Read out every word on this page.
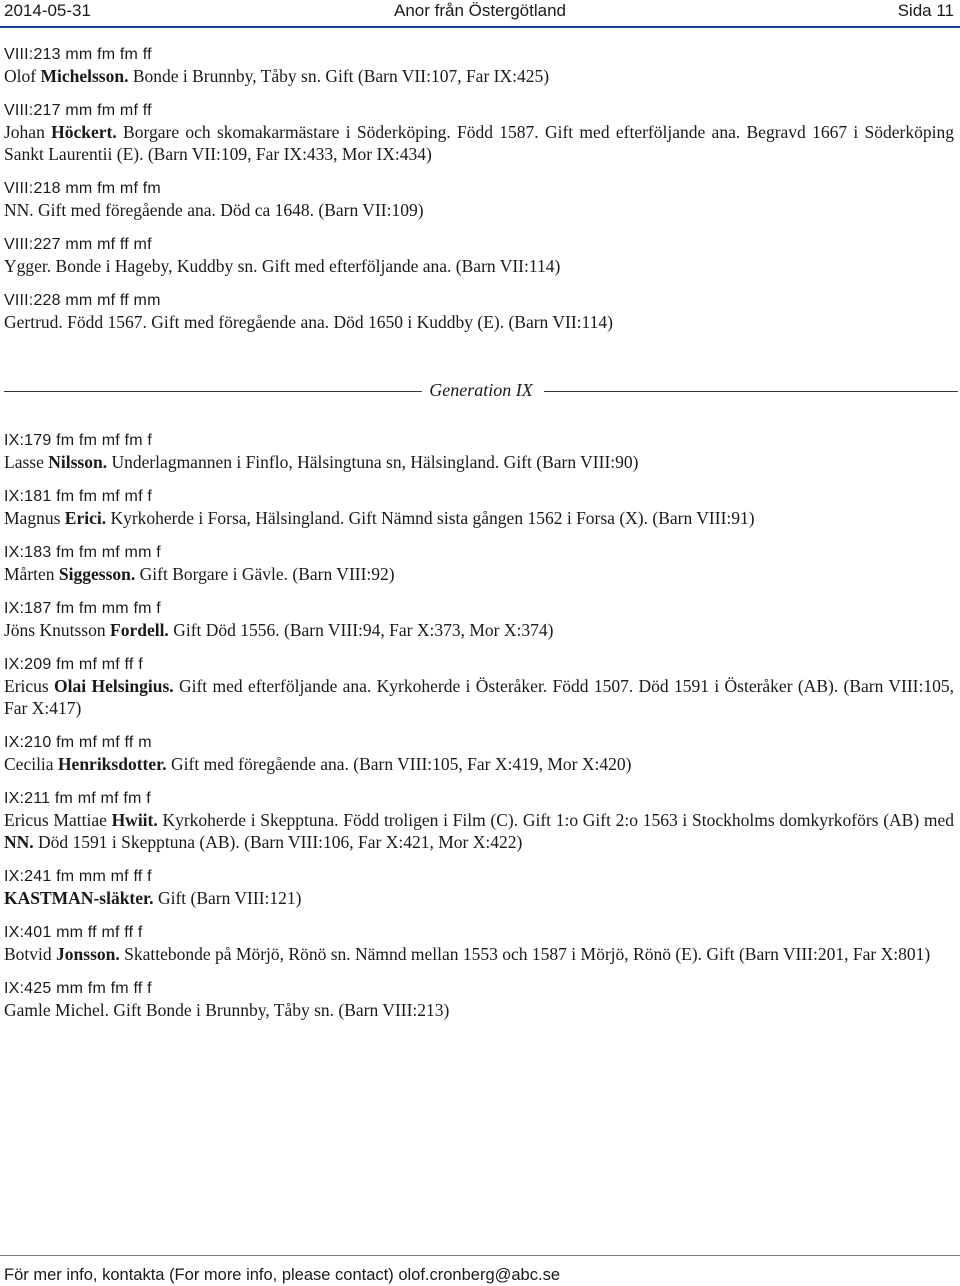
2014-05-31	Anor från Östergötland	Sida 11
VIII:213 mm fm fm ff
Olof Michelsson. Bonde i Brunnby, Tåby sn. Gift (Barn VII:107, Far IX:425)
VIII:217 mm fm mf ff
Johan Höckert. Borgare och skomakarmästare i Söderköping. Född 1587. Gift med efterföljande ana. Begravd 1667 i Söderköping Sankt Laurentii (E). (Barn VII:109, Far IX:433, Mor IX:434)
VIII:218 mm fm mf fm
NN. Gift med föregående ana. Död ca 1648. (Barn VII:109)
VIII:227 mm mf ff mf
Ygger. Bonde i Hageby, Kuddby sn. Gift med efterföljande ana. (Barn VII:114)
VIII:228 mm mf ff mm
Gertrud. Född 1567. Gift med föregående ana. Död 1650 i Kuddby (E). (Barn VII:114)
Generation IX
IX:179 fm fm mf fm f
Lasse Nilsson. Underlagmannen i Finflo, Hälsingtuna sn, Hälsingland. Gift (Barn VIII:90)
IX:181 fm fm mf mf f
Magnus Erici. Kyrkoherde i Forsa, Hälsingland. Gift Nämnd sista gången 1562 i Forsa (X). (Barn VIII:91)
IX:183 fm fm mf mm f
Mårten Siggesson. Gift Borgare i Gävle. (Barn VIII:92)
IX:187 fm fm mm fm f
Jöns Knutsson Fordell. Gift Död 1556. (Barn VIII:94, Far X:373, Mor X:374)
IX:209 fm mf mf ff f
Ericus Olai Helsingius. Gift med efterföljande ana. Kyrkoherde i Österåker. Född 1507. Död 1591 i Österåker (AB). (Barn VIII:105, Far X:417)
IX:210 fm mf mf ff m
Cecilia Henriksdotter. Gift med föregående ana. (Barn VIII:105, Far X:419, Mor X:420)
IX:211 fm mf mf fm f
Ericus Mattiae Hwiit. Kyrkoherde i Skepptuna. Född troligen i Film (C). Gift 1:o Gift 2:o 1563 i Stockholms domkyrkoförs (AB) med NN. Död 1591 i Skepptuna (AB). (Barn VIII:106, Far X:421, Mor X:422)
IX:241 fm mm mf ff f
KASTMAN-släkter. Gift (Barn VIII:121)
IX:401 mm ff mf ff f
Botvid Jonsson. Skattebonde på Mörjö, Rönö sn. Nämnd mellan 1553 och 1587 i Mörjö, Rönö (E). Gift (Barn VIII:201, Far X:801)
IX:425 mm fm fm ff f
Gamle Michel. Gift Bonde i Brunnby, Tåby sn. (Barn VIII:213)
För mer info, kontakta (For more info, please contact) olof.cronberg@abc.se
